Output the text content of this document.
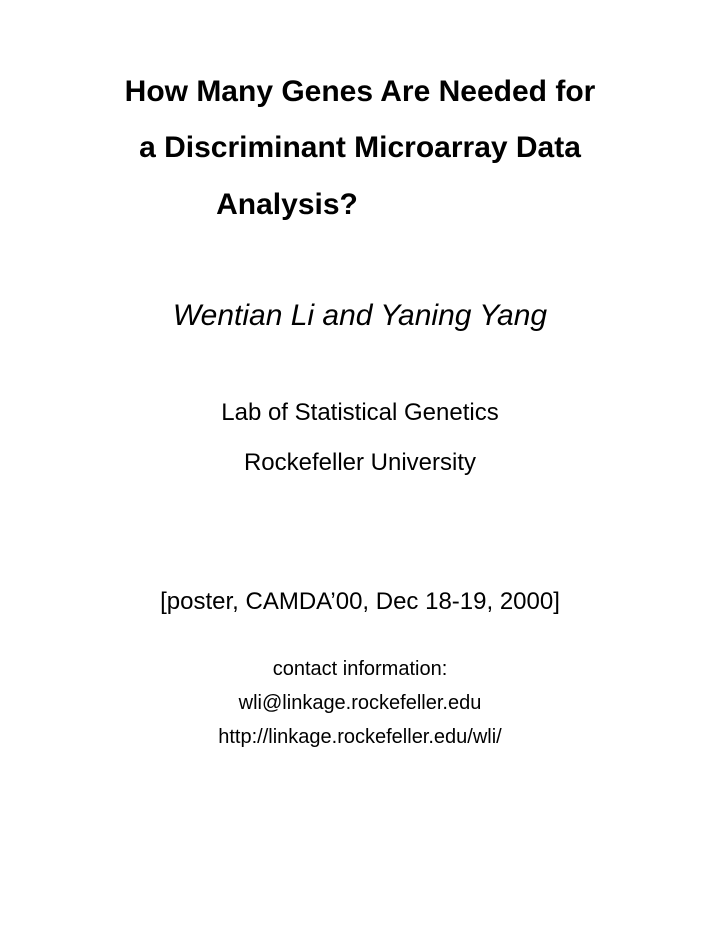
How Many Genes Are Needed for
a Discriminant Microarray Data
Analysis?
Wentian Li and Yaning Yang
Lab of Statistical Genetics
Rockefeller University
[poster, CAMDA’00, Dec 18-19, 2000]
contact information:
wli@linkage.rockefeller.edu
http://linkage.rockefeller.edu/wli/
